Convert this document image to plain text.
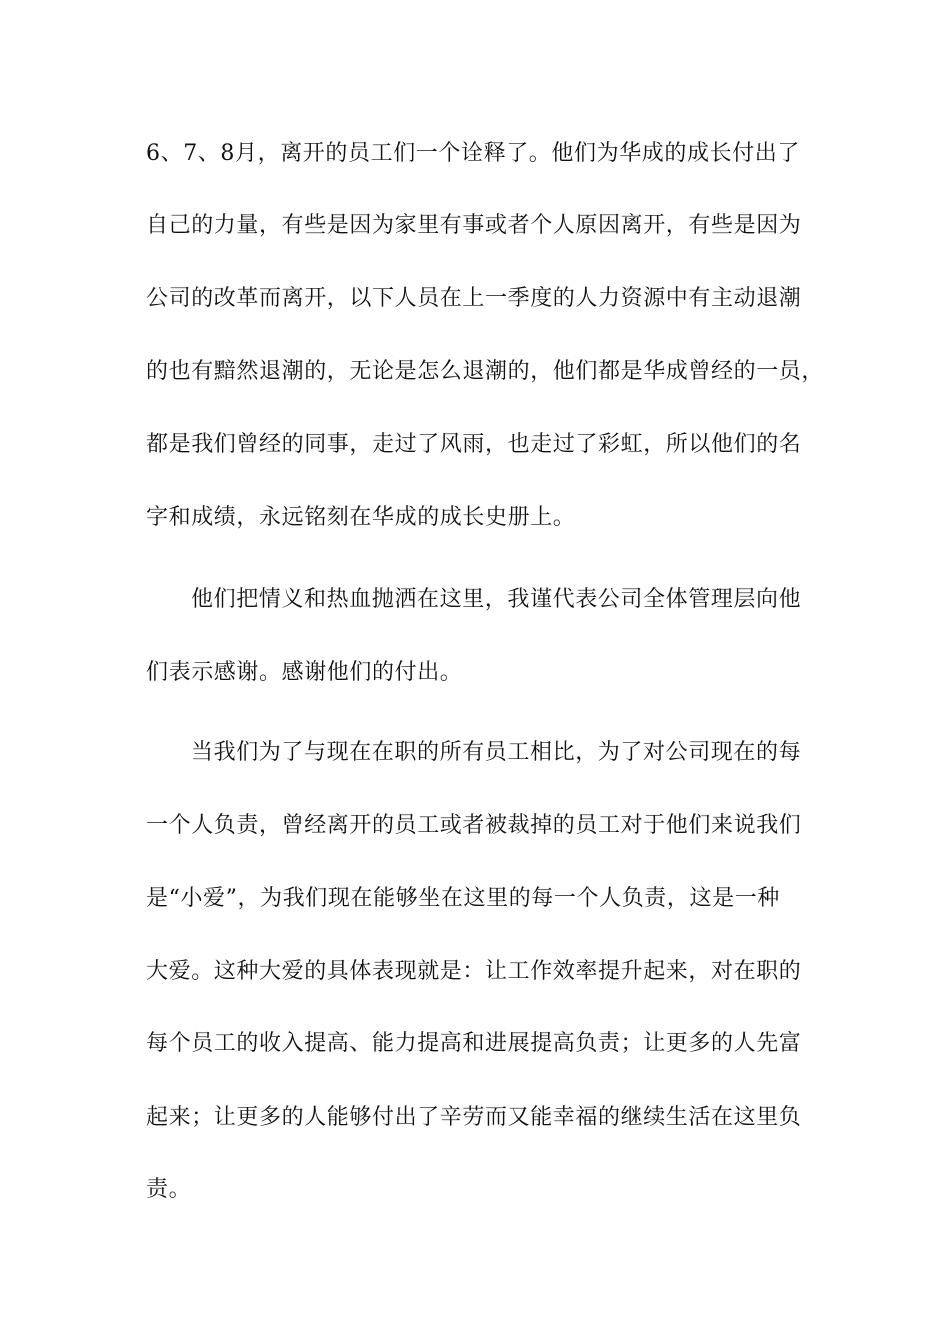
6、7、8月，离开的员工们一个诠释了。他们为华成的成长付出了
自己的力量，有些是因为家里有事或者个人原因离开，有些是因为
公司的改革而离开，以下人员在上一季度的人力资源中有主动退潮
的也有黯然退潮的，无论是怎么退潮的，他们都是华成曾经的一员，
都是我们曾经的同事，走过了风雨，也走过了彩虹，所以他们的名
字和成绩，永远铭刻在华成的成长史册上。
他们把情义和热血抛洒在这里，我谨代表公司全体管理层向他
们表示感谢。感谢他们的付出。
当我们为了与现在在职的所有员工相比，为了对公司现在的每
一个人负责，曾经离开的员工或者被裁掉的员工对于他们来说我们
是“小爱”，为我们现在能够坐在这里的每一个人负责，这是一种
大爱。这种大爱的具体表现就是：让工作效率提升起来，对在职的
每个员工的收入提高、能力提高和进展提高负责；让更多的人先富
起来；让更多的人能够付出了辛劳而又能幸福的继续生活在这里负
责。
